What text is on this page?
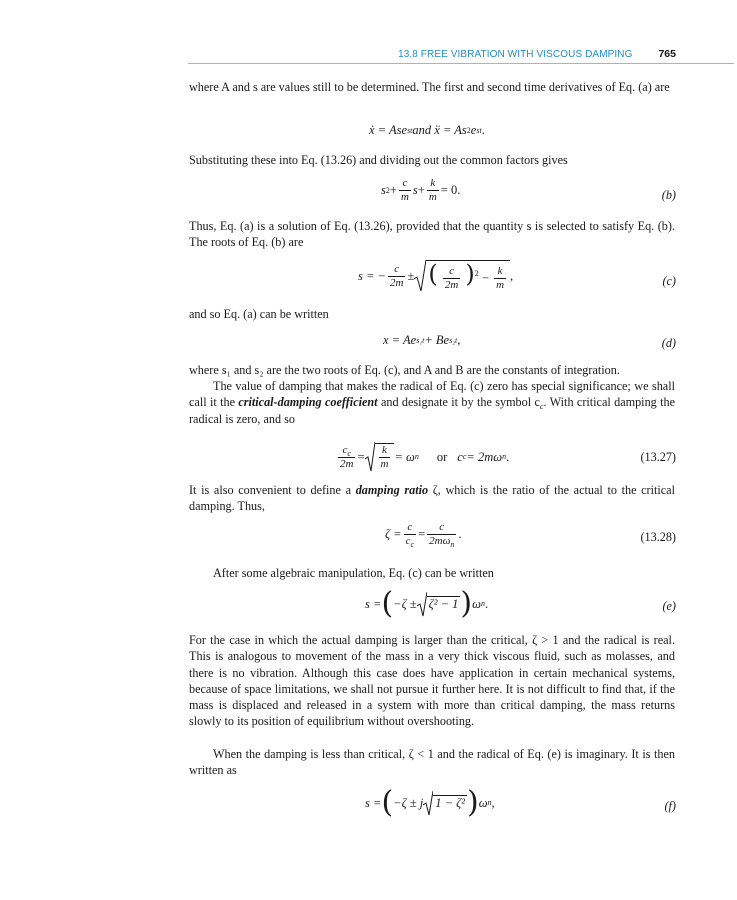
13.8 FREE VIBRATION WITH VISCOUS DAMPING 765
where A and s are values still to be determined. The first and second time derivatives of Eq. (a) are
ẋ = Ase st and ẍ = As 2 e st .
Substituting these into Eq. (13.26) and dividing out the common factors gives
s $2 + \frac{c}{m}$ $s + \frac{k}{m} = 0$.	(b)
Thus, Eq. (a) is a solution of Eq. (13.26), provided that the quantity s is selected to satisfy Eq. (b). The roots of Eq. (b) are
s = − $\frac{c}{2m}$ ± ( $\frac{c}{2m} )^2 - \frac{k}{m}$ ,	(c)
and so Eq. (a) can be written
x = Ae s₁t + Be s₂t ,	(d)
where s₁ and s₂ are the two roots of Eq. (c), and A and B are the constants of integration.
The value of damping that makes the radical of Eq. (c) zero has special significance; we shall call it the critical-damping coefficient and designate it by the symbol $c_c$. With critical damping the radical is zero, and so
$\frac{c_c}{2m} = \frac{k}{m} = \omega$ n or c c = 2mω n .	(13.27)
It is also convenient to define a damping ratio ζ, which is the ratio of the actual to the critical damping. Thus,
$\zeta = \frac{c}{c_c} = \frac{c}{2m\omega_n}$ .	(13.28)
After some algebraic manipulation, Eq. (c) can be written
s = ( −ζ ± ζ² − 1 ) ω n .	(e)
For the case in which the actual damping is larger than the critical, ζ > 1 and the radical is real. This is analogous to movement of the mass in a very thick viscous fluid, such as molasses, and there is no vibration. Although this case does have application in certain mechanical systems, because of space limitations, we shall not pursue it further here. It is not difficult to find that, if the mass is displaced and released in a system with more than critical damping, the mass returns slowly to its position of equilibrium without overshooting.
When the damping is less than critical, ζ < 1 and the radical of Eq. (e) is imaginary. It is then written as
s = ( −ζ ± j 1 − ζ² ) ω n ,	(f)
